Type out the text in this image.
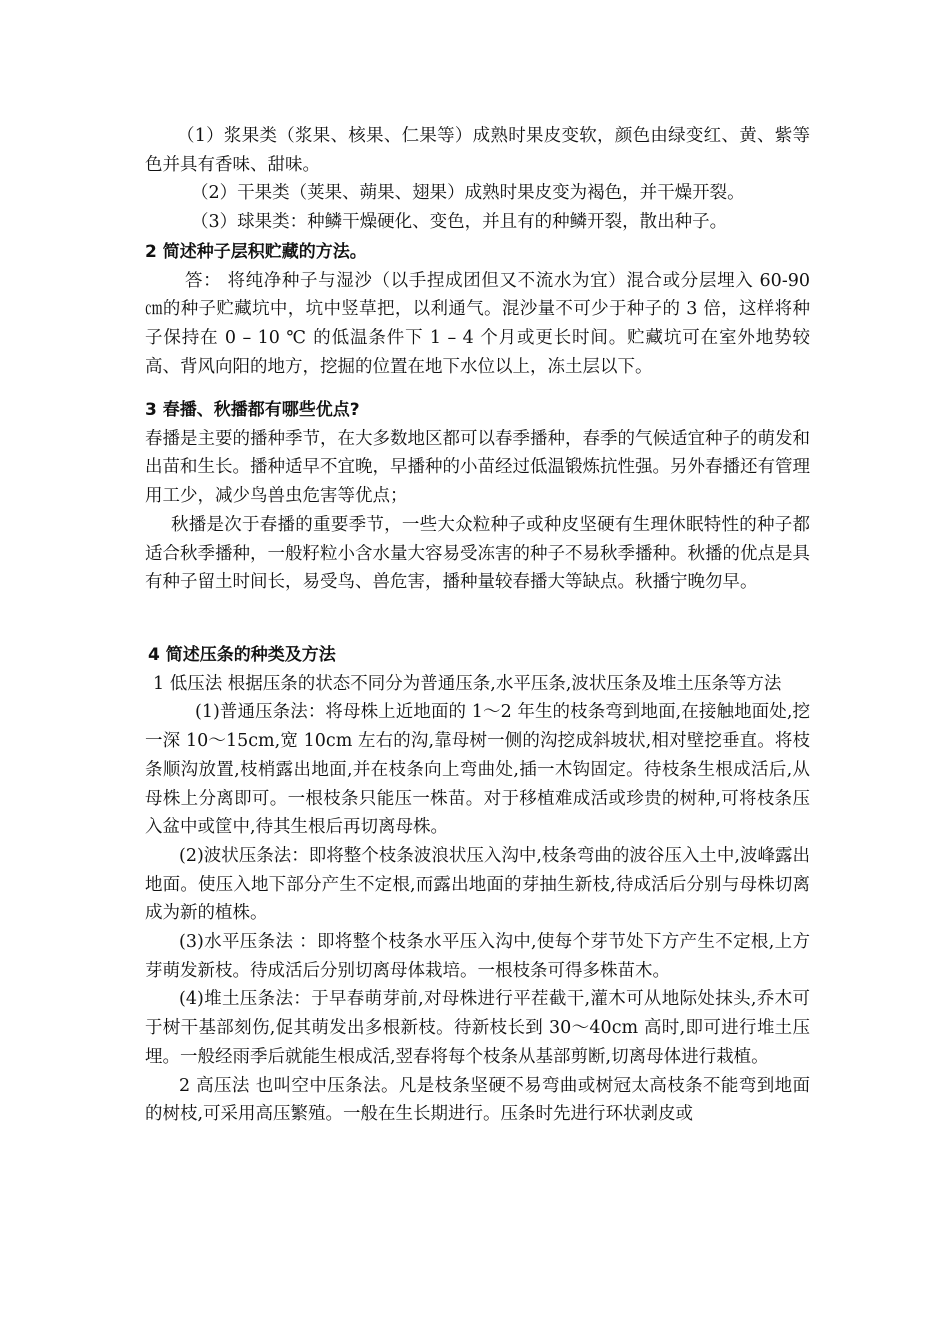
（1）浆果类（浆果、核果、仁果等）成熟时果皮变软，颜色由绿变红、黄、紫等色并具有香味、甜味。

（2）干果类（荚果、蒴果、翅果）成熟时果皮变为褐色，并干燥开裂。

（3）球果类：种鳞干燥硬化、变色，并且有的种鳞开裂，散出种子。

2 简述种子层积贮藏的方法。

答： 将纯净种子与湿沙（以手捏成团但又不流水为宜）混合或分层埋入 60-90 ㎝的种子贮藏坑中，坑中竖草把，以利通气。混沙量不可少于种子的 3 倍，这样将种子保持在 0 – 10 ℃ 的低温条件下 1 – 4 个月或更长时间。贮藏坑可在室外地势较高、背风向阳的地方，挖掘的位置在地下水位以上，冻土层以下。

3 春播、秋播都有哪些优点?

春播是主要的播种季节，在大多数地区都可以春季播种，春季的气候适宜种子的萌发和出苗和生长。播种适早不宜晚，早播种的小苗经过低温锻炼抗性强。另外春播还有管理用工少，减少鸟兽虫危害等优点；

秋播是次于春播的重要季节，一些大众粒种子或种皮坚硬有生理休眠特性的种子都适合秋季播种，一般籽粒小含水量大容易受冻害的种子不易秋季播种。秋播的优点是具有种子留土时间长，易受鸟、兽危害，播种量较春播大等缺点。秋播宁晚勿早。

4 简述压条的种类及方法

1 低压法 根据压条的状态不同分为普通压条,水平压条,波状压条及堆土压条等方法

(1)普通压条法：将母株上近地面的 1～2 年生的枝条弯到地面,在接触地面处,挖一深 10～15cm,宽 10cm 左右的沟,靠母树一侧的沟挖成斜坡状,相对壁挖垂直。将枝条顺沟放置,枝梢露出地面,并在枝条向上弯曲处,插一木钩固定。待枝条生根成活后,从母株上分离即可。一根枝条只能压一株苗。对于移植难成活或珍贵的树种,可将枝条压入盆中或筐中,待其生根后再切离母株。

(2)波状压条法：即将整个枝条波浪状压入沟中,枝条弯曲的波谷压入土中,波峰露出地面。使压入地下部分产生不定根,而露出地面的芽抽生新枝,待成活后分别与母株切离成为新的植株。

(3)水平压条法 ：即将整个枝条水平压入沟中,使每个芽节处下方产生不定根,上方芽萌发新枝。待成活后分别切离母体栽培。一根枝条可得多株苗木。

(4)堆土压条法：于早春萌芽前,对母株进行平茬截干,灌木可从地际处抹头,乔木可于树干基部刻伤,促其萌发出多根新枝。待新枝长到 30～40cm 高时,即可进行堆土压埋。一般经雨季后就能生根成活,翌春将每个枝条从基部剪断,切离母体进行栽植。

2 高压法 也叫空中压条法。凡是枝条坚硬不易弯曲或树冠太高枝条不能弯到地面的树枝,可采用高压繁殖。一般在生长期进行。压条时先进行环状剥皮或
